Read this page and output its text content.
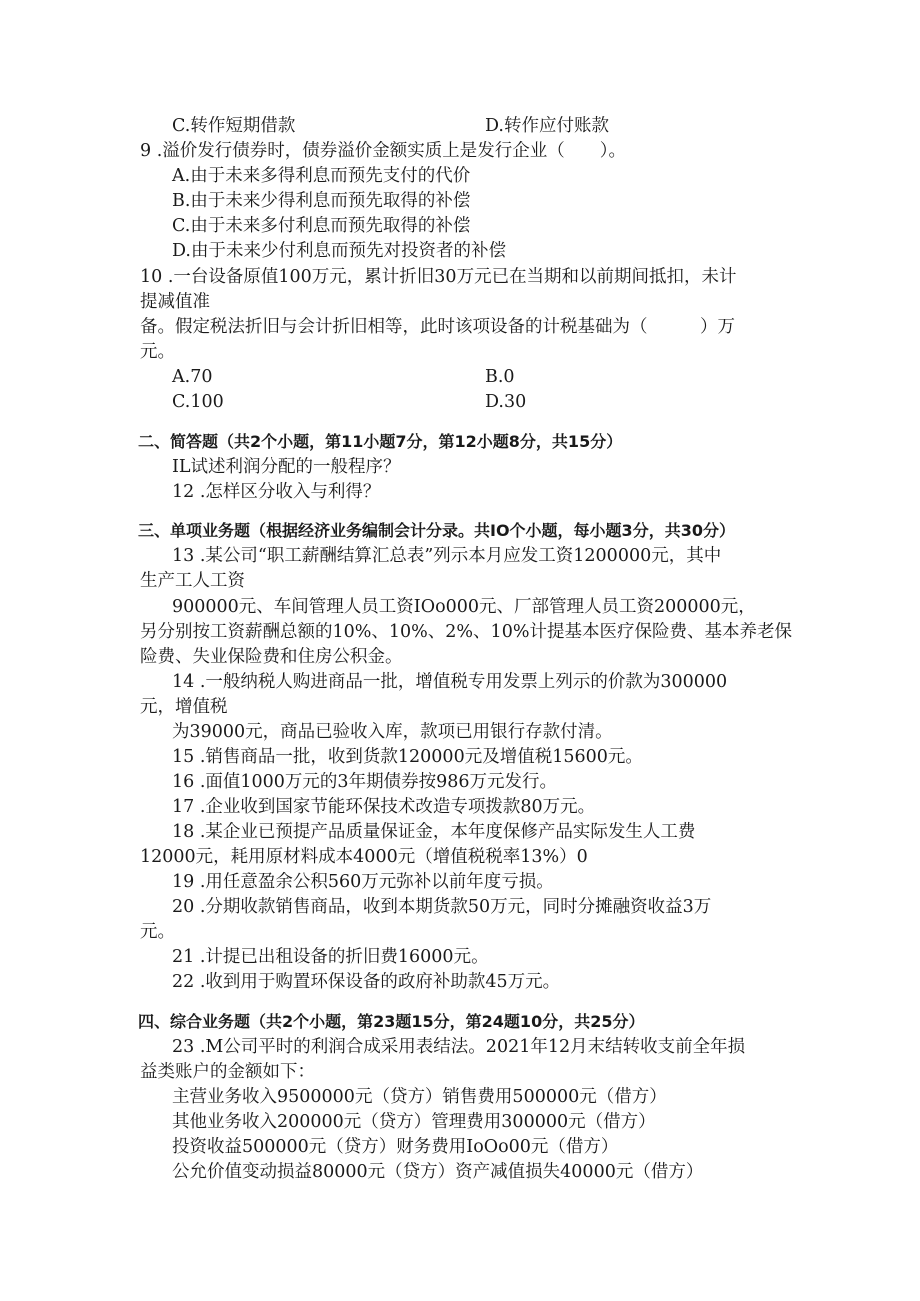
C.转作短期借款	D.转作应付账款

9 .溢价发行债券时，债券溢价金额实质上是发行企业（　　）。

A.由于未来多得利息而预先支付的代价

B.由于未来少得利息而预先取得的补偿

C.由于未来多付利息而预先取得的补偿

D.由于未来少付利息而预先对投资者的补偿

10 .一台设备原值100万元，累计折旧30万元已在当期和以前期间抵扣，未计

提减值准

备。假定税法折旧与会计折旧相等，此时该项设备的计税基础为（　　　）万

元。

A.70	B.0

C.100	D.30

二、简答题（共2个小题，第11小题7分，第12小题8分，共15分）

IL试述利润分配的一般程序？

12 .怎样区分收入与利得？

三、单项业务题（根据经济业务编制会计分录。共IO个小题，每小题3分，共30分）

13 .某公司“职工薪酬结算汇总表”列示本月应发工资1200000元，其中

生产工人工资

900000元、车间管理人员工资IOo000元、厂部管理人员工资200000元，

另分别按工资薪酬总额的10%、10%、2%、10%计提基本医疗保险费、基本养老保

险费、失业保险费和住房公积金。

14 .一般纳税人购进商品一批，增值税专用发票上列示的价款为300000

元，增值税

为39000元，商品已验收入库，款项已用银行存款付清。

15 .销售商品一批，收到货款120000元及增值税15600元。

16 .面值1000万元的3年期债券按986万元发行。

17 .企业收到国家节能环保技术改造专项拨款80万元。

18 .某企业已预提产品质量保证金，本年度保修产品实际发生人工费

12000元，耗用原材料成本4000元（增值税税率13%）0

19 .用任意盈余公积560万元弥补以前年度亏损。

20 .分期收款销售商品，收到本期货款50万元，同时分摊融资收益3万

元。

21 .计提已出租设备的折旧费16000元。

22 .收到用于购置环保设备的政府补助款45万元。

四、综合业务题（共2个小题，第23题15分，第24题10分，共25分）

23 .M公司平时的利润合成采用表结法。2021年12月末结转收支前全年损

益类账户的金额如下：

主营业务收入9500000元（贷方）销售费用500000元（借方）

其他业务收入200000元（贷方）管理费用300000元（借方）

投资收益500000元（贷方）财务费用IoOo00元（借方）

公允价值变动损益80000元（贷方）资产减值损失40000元（借方）
